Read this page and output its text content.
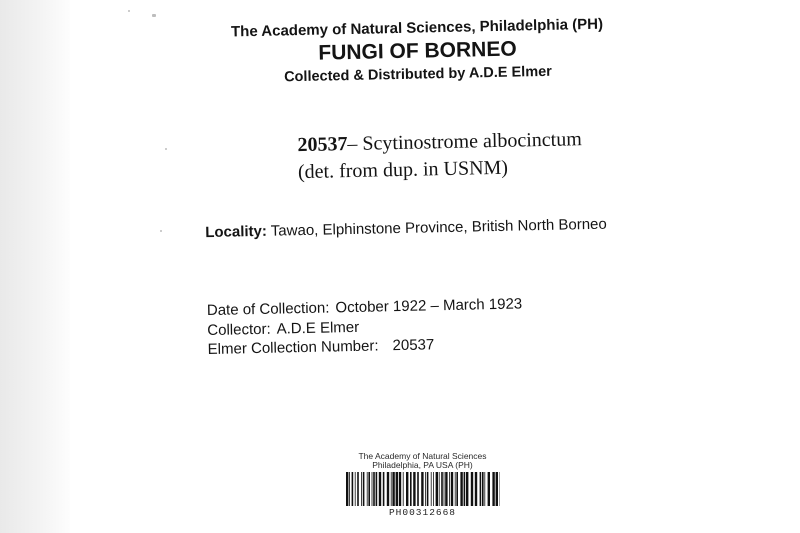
The Academy of Natural Sciences, Philadelphia (PH)
FUNGI OF BORNEO
Collected & Distributed by A.D.E Elmer
20537– Scytinostrome albocinctum
(det. from dup. in USNM)
Locality: Tawao, Elphinstone Province, British North Borneo
Date of Collection: October 1922 – March 1923
Collector: A.D.E Elmer
Elmer Collection Number: 20537
The Academy of Natural Sciences
Philadelphia, PA USA (PH)
PH00312668
